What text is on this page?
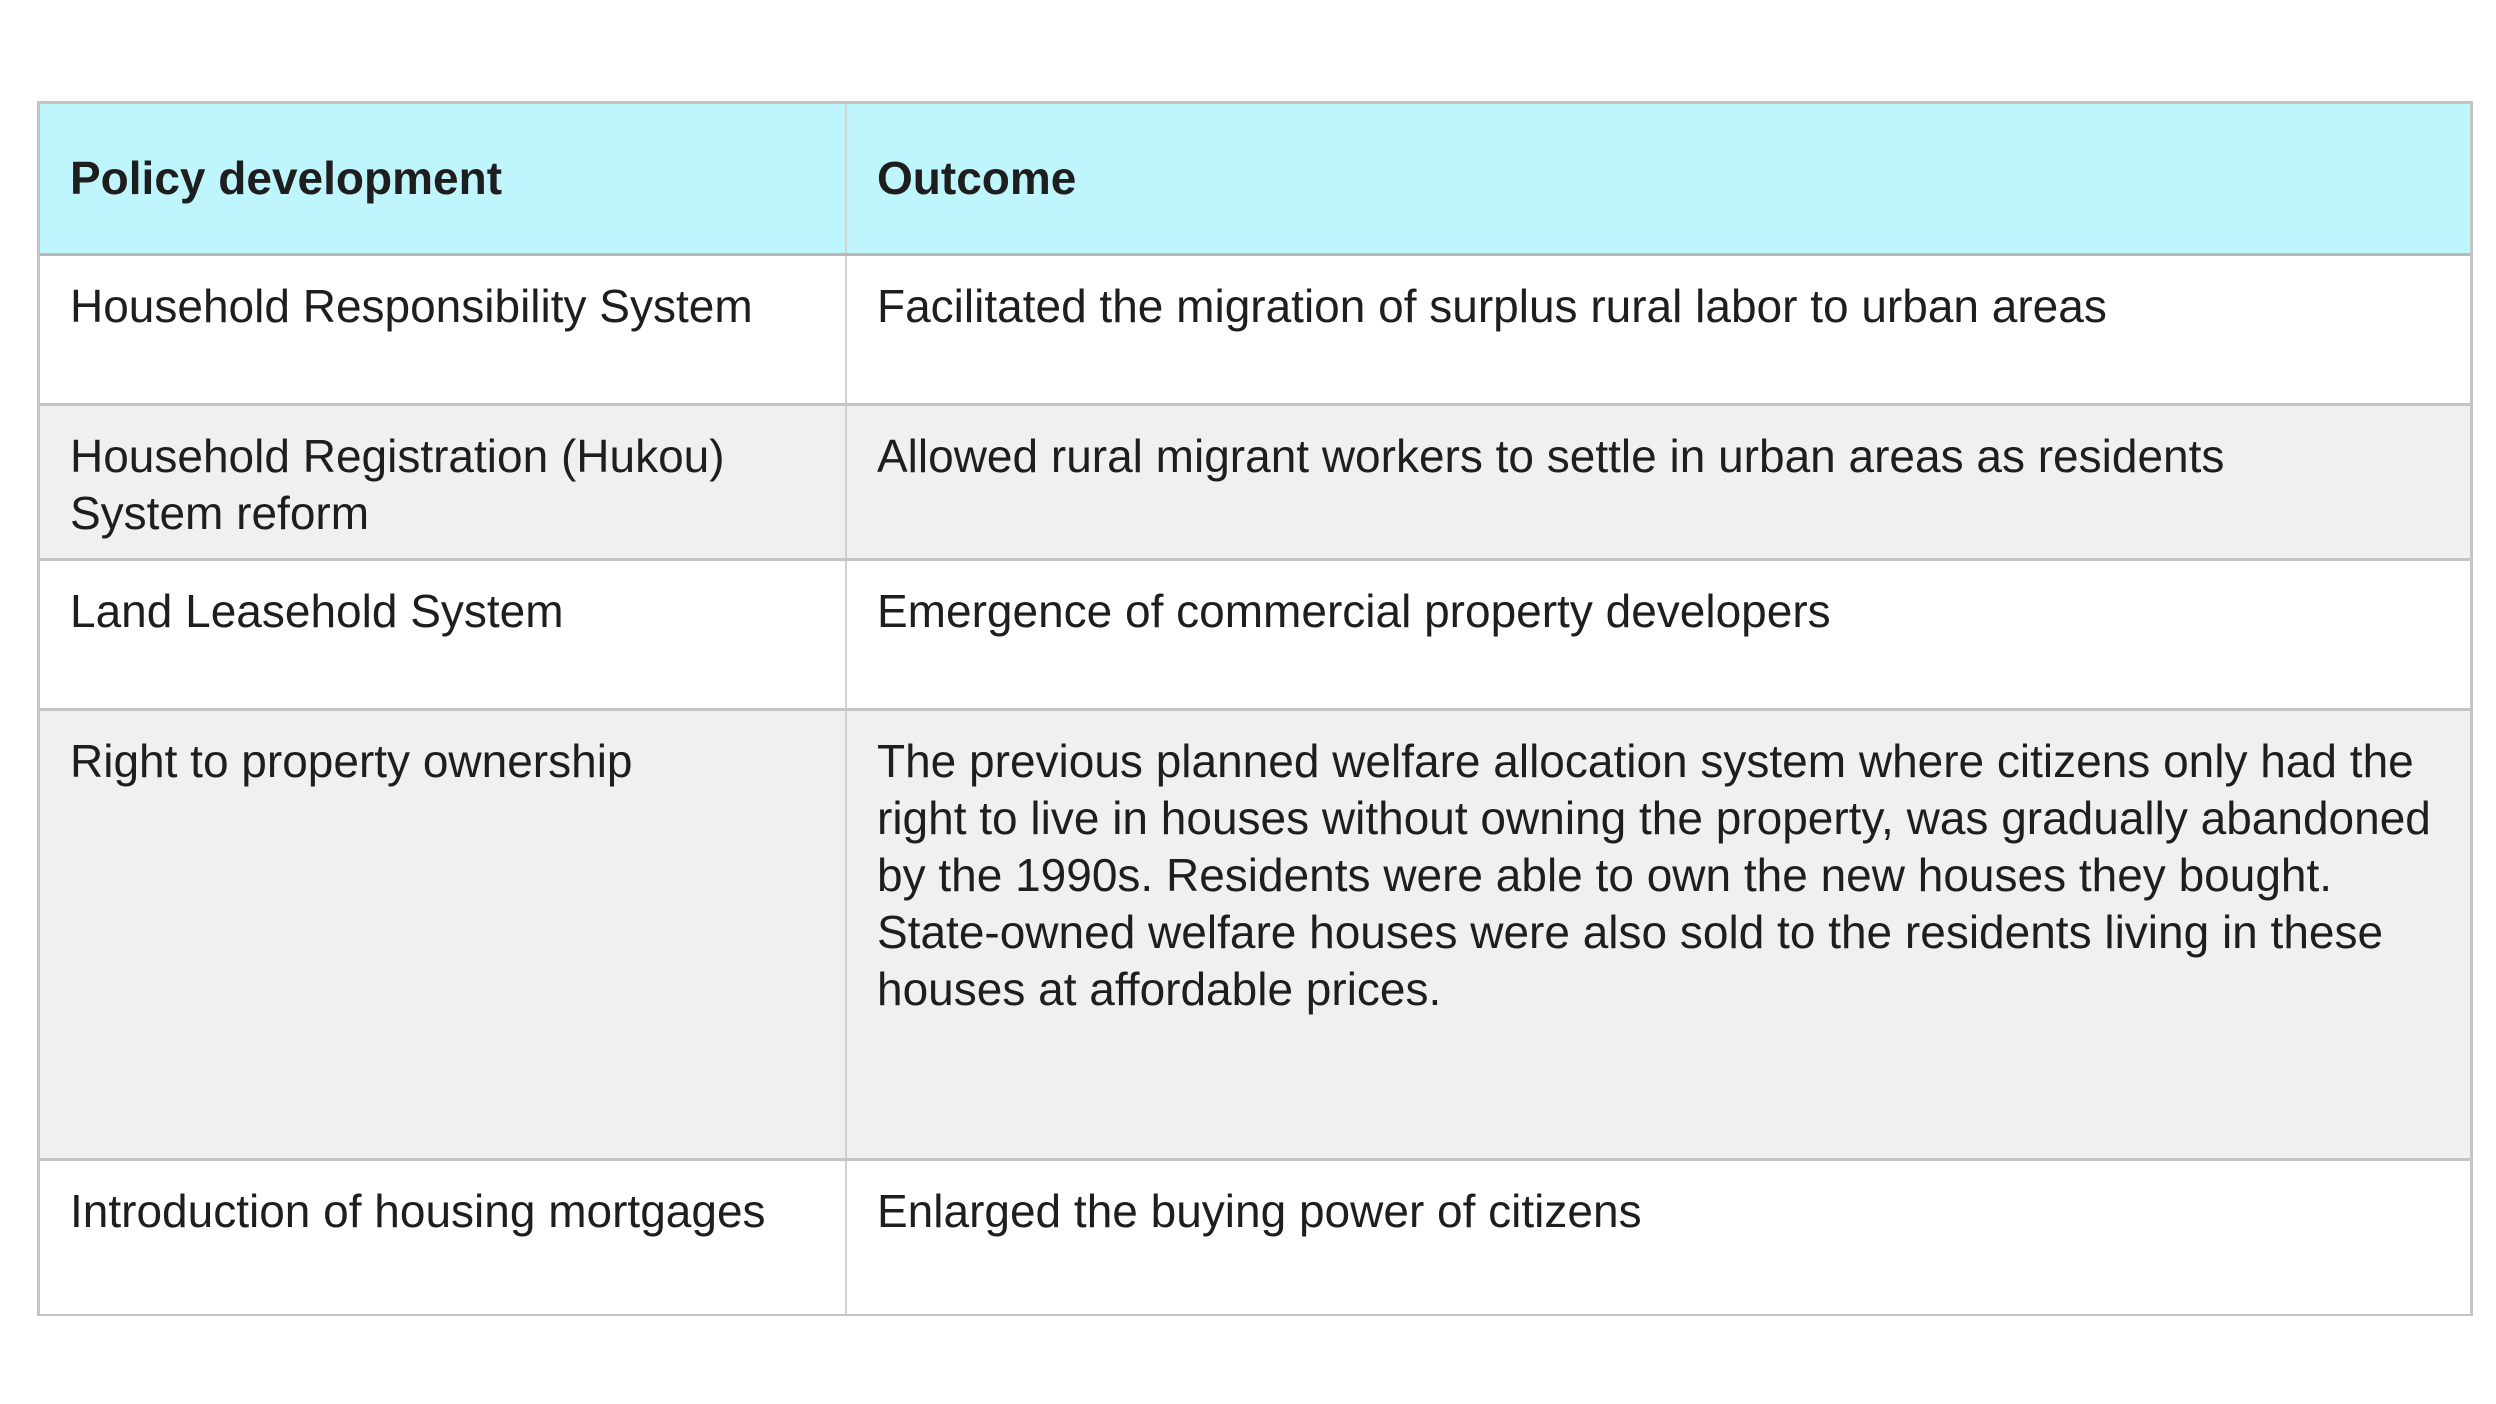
Policy development	Outcome
Household Responsibility System	Facilitated the migration of surplus rural labor to urban areas
Household Registration (Hukou) System reform	Allowed rural migrant workers to settle in urban areas as residents
Land Leasehold System	Emergence of commercial property developers
Right to property ownership	The previous planned welfare allocation system where citizens only had the right to live in houses without owning the property, was gradually abandoned by the 1990s. Residents were able to own the new houses they bought. State-owned welfare houses were also sold to the residents living in these houses at affordable prices.
Introduction of housing mortgages	Enlarged the buying power of citizens
